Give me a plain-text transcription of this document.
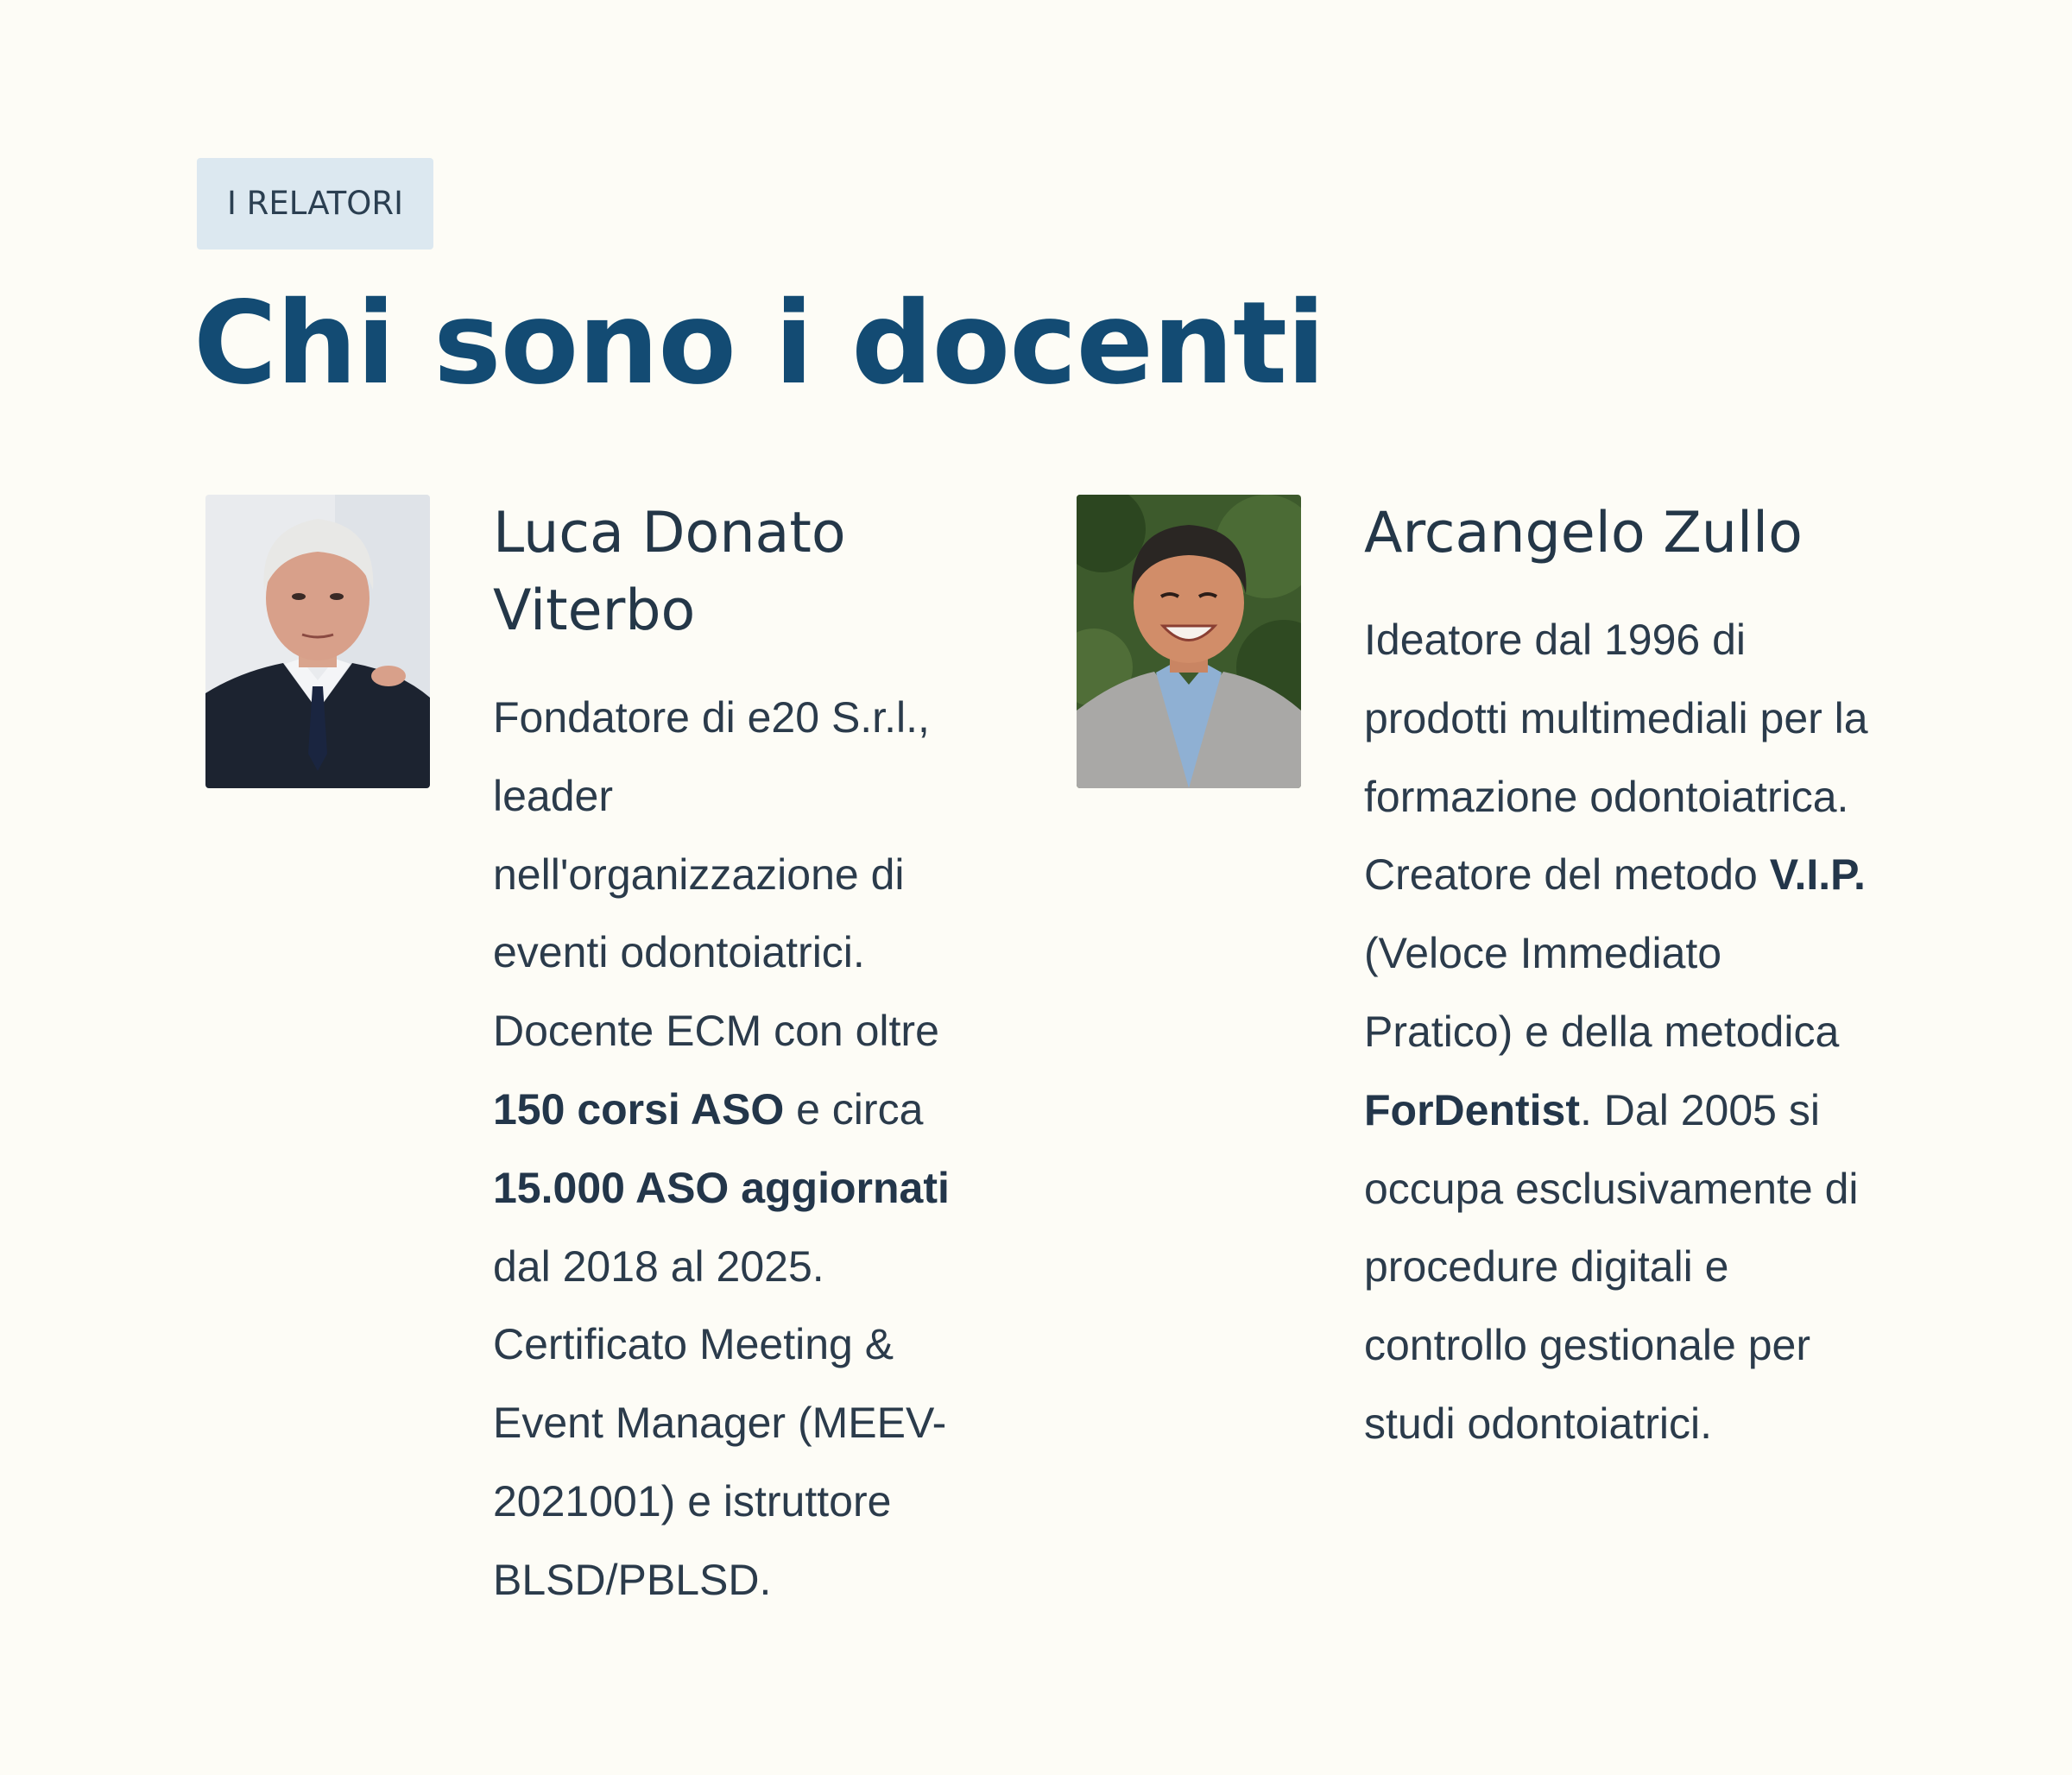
I RELATORI
Chi sono i docenti
Luca Donato Viterbo

Fondatore di e20 S.r.l., leader nell'organizzazione di eventi odontoiatrici. Docente ECM con oltre 150 corsi ASO e circa 15.000 ASO aggiornati dal 2018 al 2025. Certificato Meeting & Event Manager (MEEV-2021001) e istruttore BLSD/PBLSD.

Arcangelo Zullo

Ideatore dal 1996 di prodotti multimediali per la formazione odontoiatrica. Creatore del metodo V.I.P. (Veloce Immediato Pratico) e della metodica ForDentist. Dal 2005 si occupa esclusivamente di procedure digitali e controllo gestionale per studi odontoiatrici.
